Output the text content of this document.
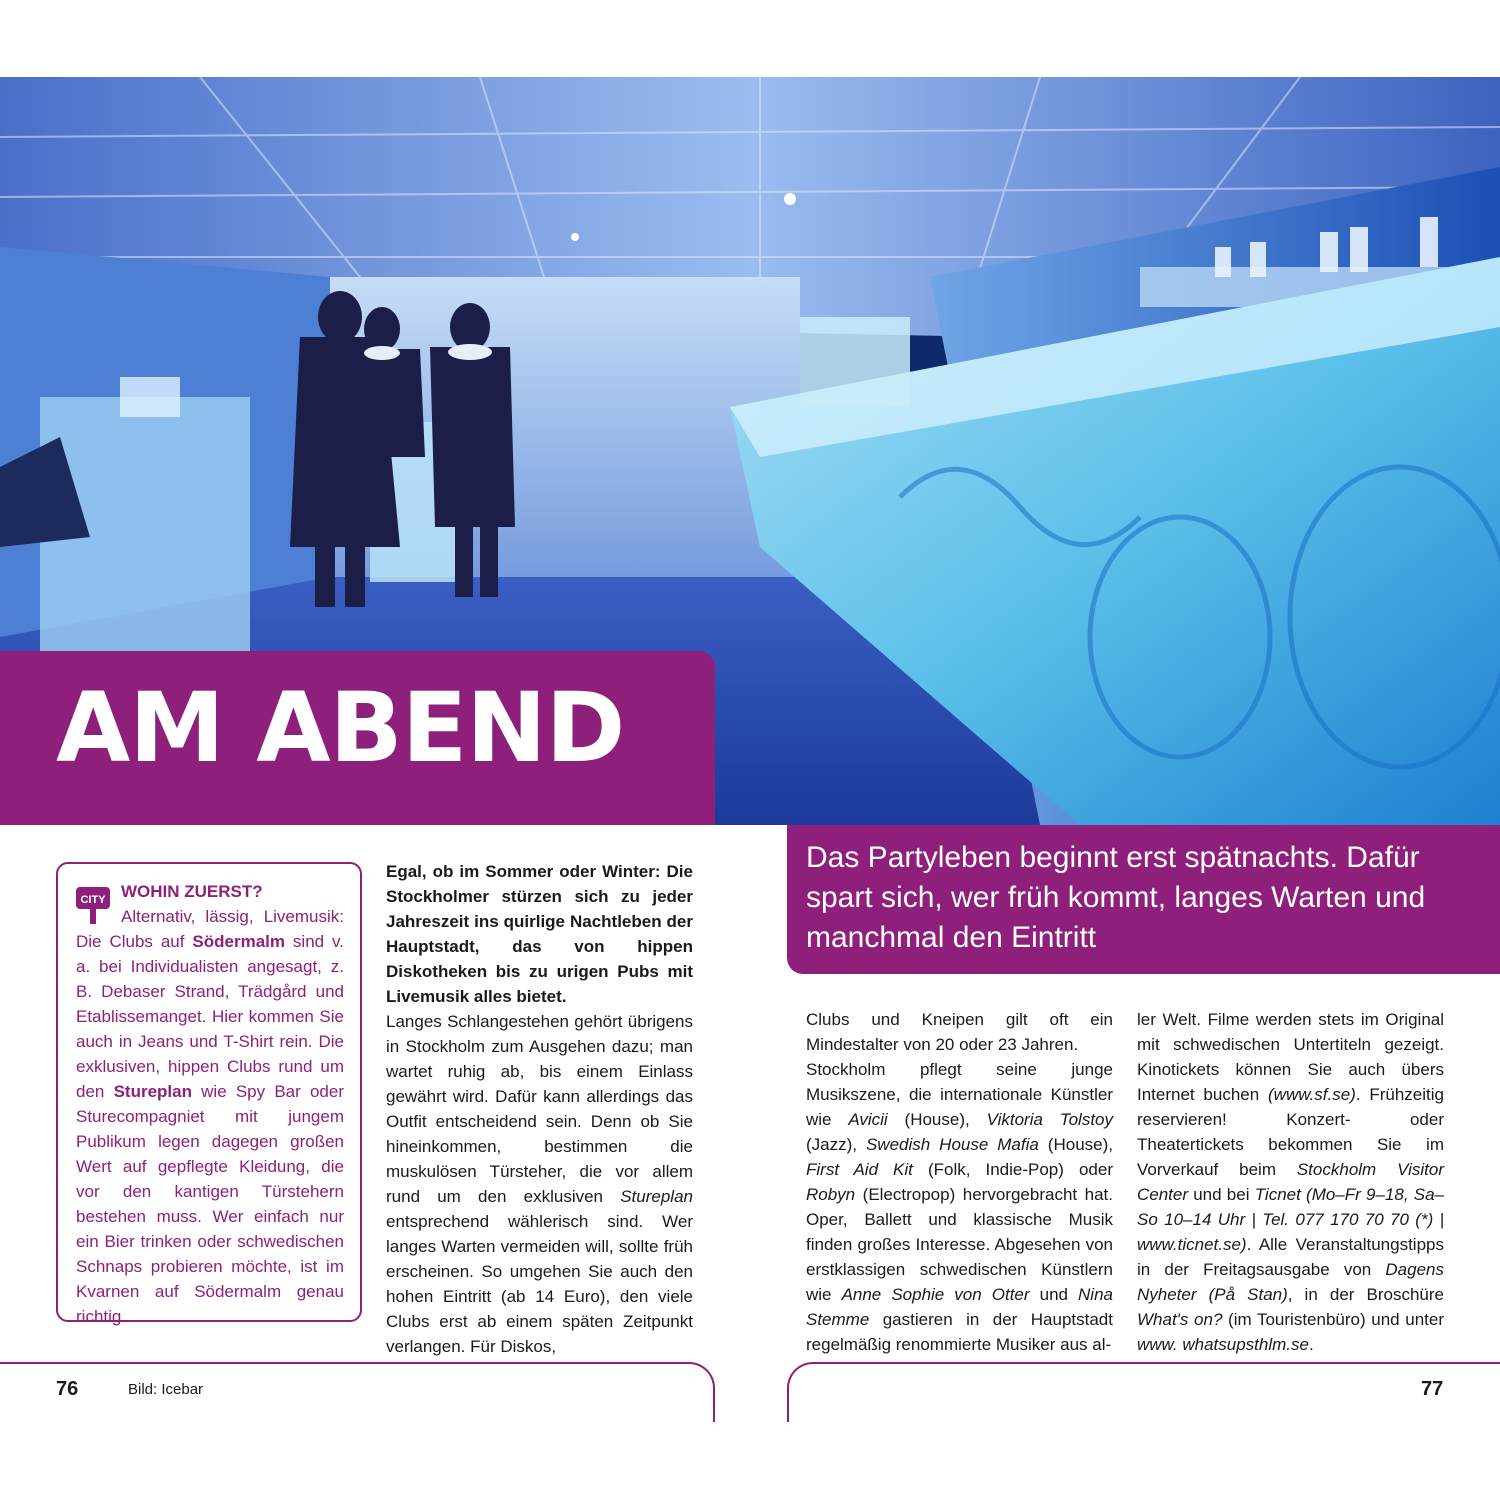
AM ABEND
Das Partyleben beginnt erst spätnachts. Dafür spart sich, wer früh kommt, langes Warten und manchmal den Eintritt
CITY WOHIN ZUERST?
Alternativ, lässig, Livemusik: Die Clubs auf Södermalm sind v. a. bei Individualisten angesagt, z. B. Debaser Strand, Trädgård und Etablissemanget. Hier kommen Sie auch in Jeans und T-Shirt rein. Die exklusiven, hippen Clubs rund um den Stureplan wie Spy Bar oder Sturecompagniet mit jungem Publikum legen dagegen großen Wert auf gepflegte Kleidung, die vor den kantigen Türstehern bestehen muss. Wer einfach nur ein Bier trinken oder schwedischen Schnaps probieren möchte, ist im Kvarnen auf Södermalm genau richtig.

Egal, ob im Sommer oder Winter: Die Stockholmer stürzen sich zu jeder Jahreszeit ins quirlige Nachtleben der Hauptstadt, das von hippen Diskotheken bis zu urigen Pubs mit Livemusik alles bietet.

Langes Schlangestehen gehört übrigens in Stockholm zum Ausgehen dazu; man wartet ruhig ab, bis einem Einlass gewährt wird. Dafür kann allerdings das Outfit entscheidend sein. Denn ob Sie hineinkommen, bestimmen die muskulösen Türsteher, die vor allem rund um den exklusiven Stureplan entsprechend wählerisch sind. Wer langes Warten vermeiden will, sollte früh erscheinen. So umgehen Sie auch den hohen Eintritt (ab 14 Euro), den viele Clubs erst ab einem späten Zeitpunkt verlangen. Für Diskos,

Clubs und Kneipen gilt oft ein Mindestalter von 20 oder 23 Jahren.

Stockholm pflegt seine junge Musikszene, die internationale Künstler wie Avicii (House), Viktoria Tolstoy (Jazz), Swedish House Mafia (House), First Aid Kit (Folk, Indie-Pop) oder Robyn (Electropop) hervorgebracht hat. Oper, Ballett und klassische Musik finden großes Interesse. Abgesehen von erstklassigen schwedischen Künstlern wie Anne Sophie von Otter und Nina Stemme gastieren in der Hauptstadt regelmäßig renommierte Musiker aus al-

ler Welt. Filme werden stets im Original mit schwedischen Untertiteln gezeigt. Kinotickets können Sie auch übers Internet buchen (www.sf.se). Frühzeitig reservieren! Konzert- oder Theatertickets bekommen Sie im Vorverkauf beim Stockholm Visitor Center und bei Ticnet (Mo–Fr 9–18, Sa–So 10–14 Uhr | Tel. 077 170 70 70 (*) | www.ticnet.se). Alle Veranstaltungstipps in der Freitagsausgabe von Dagens Nyheter (På Stan), in der Broschüre What's on? (im Touristenbüro) und unter www. whatsupsthlm.se.

76	Bild: Icebar	77
